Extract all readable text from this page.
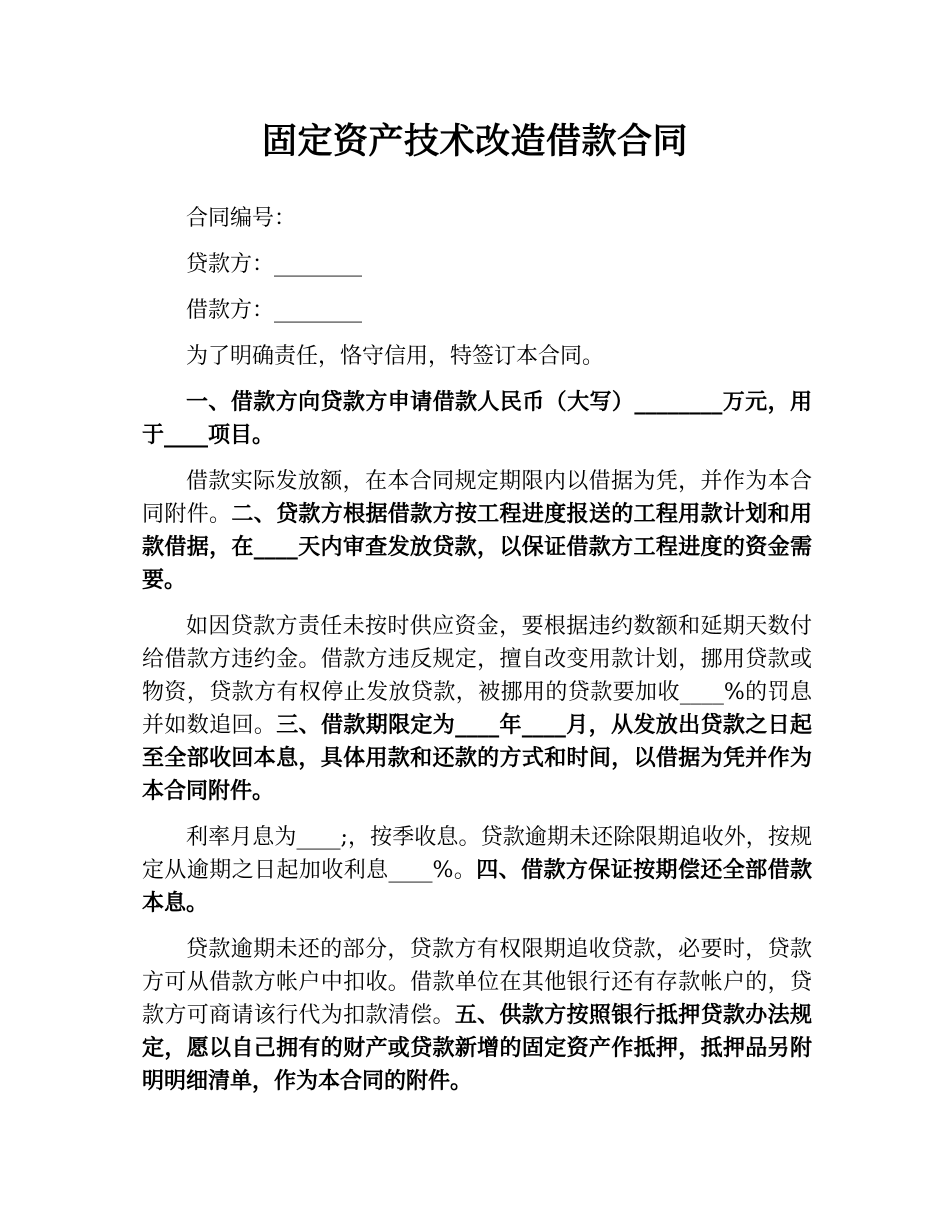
固定资产技术改造借款合同

合同编号：

贷款方：________

借款方：________

为了明确责任，恪守信用，特签订本合同。

一、借款方向贷款方申请借款人民币（大写）________万元，用于____项目。

借款实际发放额，在本合同规定期限内以借据为凭，并作为本合同附件。二、贷款方根据借款方按工程进度报送的工程用款计划和用款借据，在____天内审查发放贷款，以保证借款方工程进度的资金需要。

如因贷款方责任未按时供应资金，要根据违约数额和延期天数付给借款方违约金。借款方违反规定，擅自改变用款计划，挪用贷款或物资，贷款方有权停止发放贷款，被挪用的贷款要加收____%的罚息并如数追回。三、借款期限定为____年____月，从发放出贷款之日起至全部收回本息，具体用款和还款的方式和时间，以借据为凭并作为本合同附件。

利率月息为____;，按季收息。贷款逾期未还除限期追收外，按规定从逾期之日起加收利息____%。四、借款方保证按期偿还全部借款本息。

贷款逾期未还的部分，贷款方有权限期追收贷款，必要时，贷款方可从借款方帐户中扣收。借款单位在其他银行还有存款帐户的，贷款方可商请该行代为扣款清偿。五、供款方按照银行抵押贷款办法规定，愿以自己拥有的财产或贷款新增的固定资产作抵押，抵押品另附明明细清单，作为本合同的附件。
